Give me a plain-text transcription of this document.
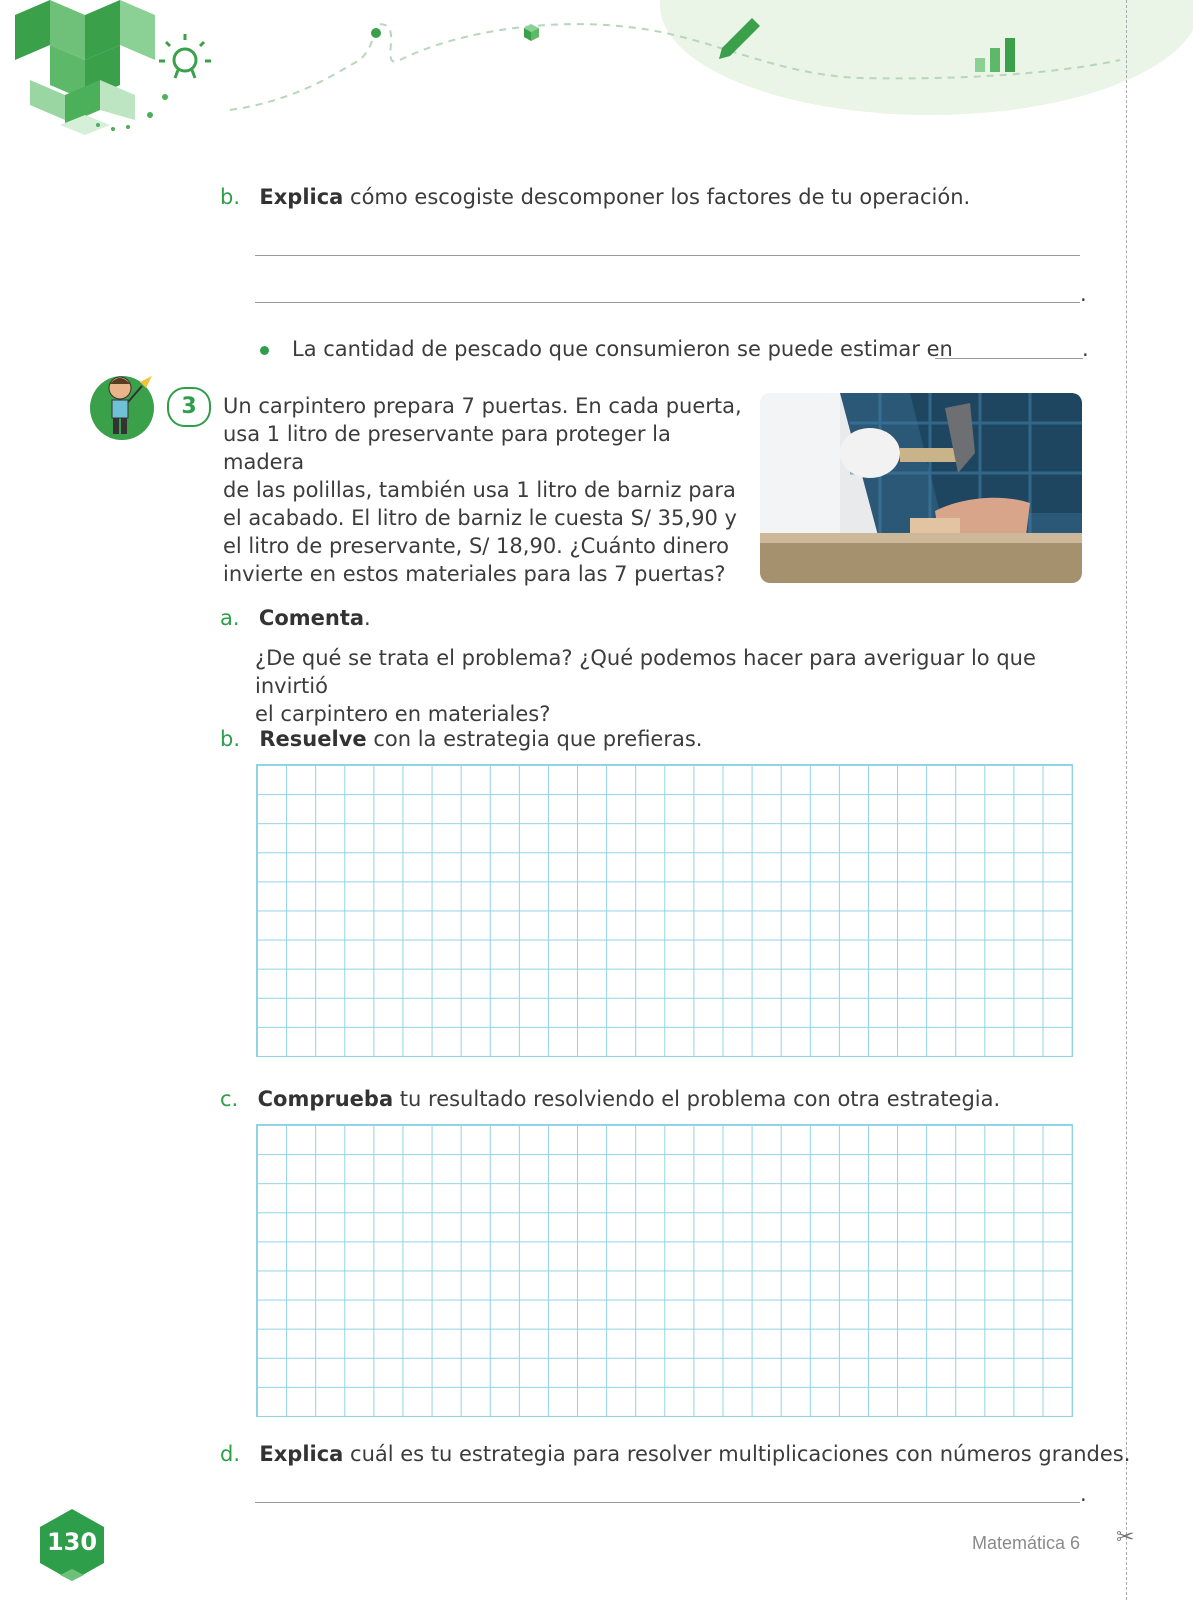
✂
b. Explica cómo escogiste descomponer los factores de tu operación.
.
La cantidad de pescado que consumieron se puede estimar en	.
3	Un carpintero prepara 7 puertas. En cada puerta,
usa 1 litro de preservante para proteger la madera
de las polillas, también usa 1 litro de barniz para
el acabado. El litro de barniz le cuesta S/ 35,90 y
el litro de preservante, S/ 18,90. ¿Cuánto dinero
invierte en estos materiales para las 7 puertas?
a. Comenta.
¿De qué se trata el problema? ¿Qué podemos hacer para averiguar lo que invirtió
el carpintero en materiales?
b. Resuelve con la estrategia que prefieras.
c. Comprueba tu resultado resolviendo el problema con otra estrategia.
d. Explica cuál es tu estrategia para resolver multiplicaciones con números grandes.
.
130	Matemática 6
